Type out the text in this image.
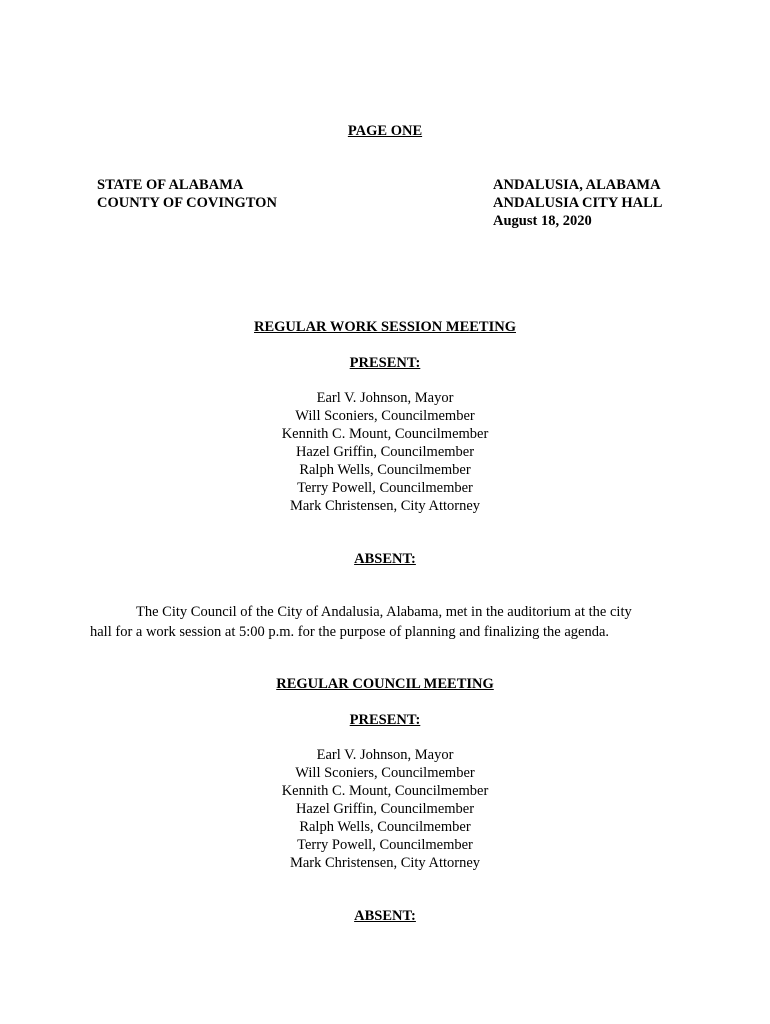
PAGE ONE
STATE OF ALABAMA
COUNTY OF COVINGTON
ANDALUSIA, ALABAMA
ANDALUSIA CITY HALL
August 18, 2020
REGULAR WORK SESSION MEETING
PRESENT:
Earl V. Johnson, Mayor
Will Sconiers, Councilmember
Kennith C. Mount, Councilmember
Hazel Griffin, Councilmember
Ralph Wells, Councilmember
Terry Powell, Councilmember
Mark Christensen, City Attorney
ABSENT:
The City Council of the City of Andalusia, Alabama, met in the auditorium at the city
hall for a work session at 5:00 p.m. for the purpose of planning and finalizing the agenda.
REGULAR COUNCIL MEETING
PRESENT:
Earl V. Johnson, Mayor
Will Sconiers, Councilmember
Kennith C. Mount, Councilmember
Hazel Griffin, Councilmember
Ralph Wells, Councilmember
Terry Powell, Councilmember
Mark Christensen, City Attorney
ABSENT:
